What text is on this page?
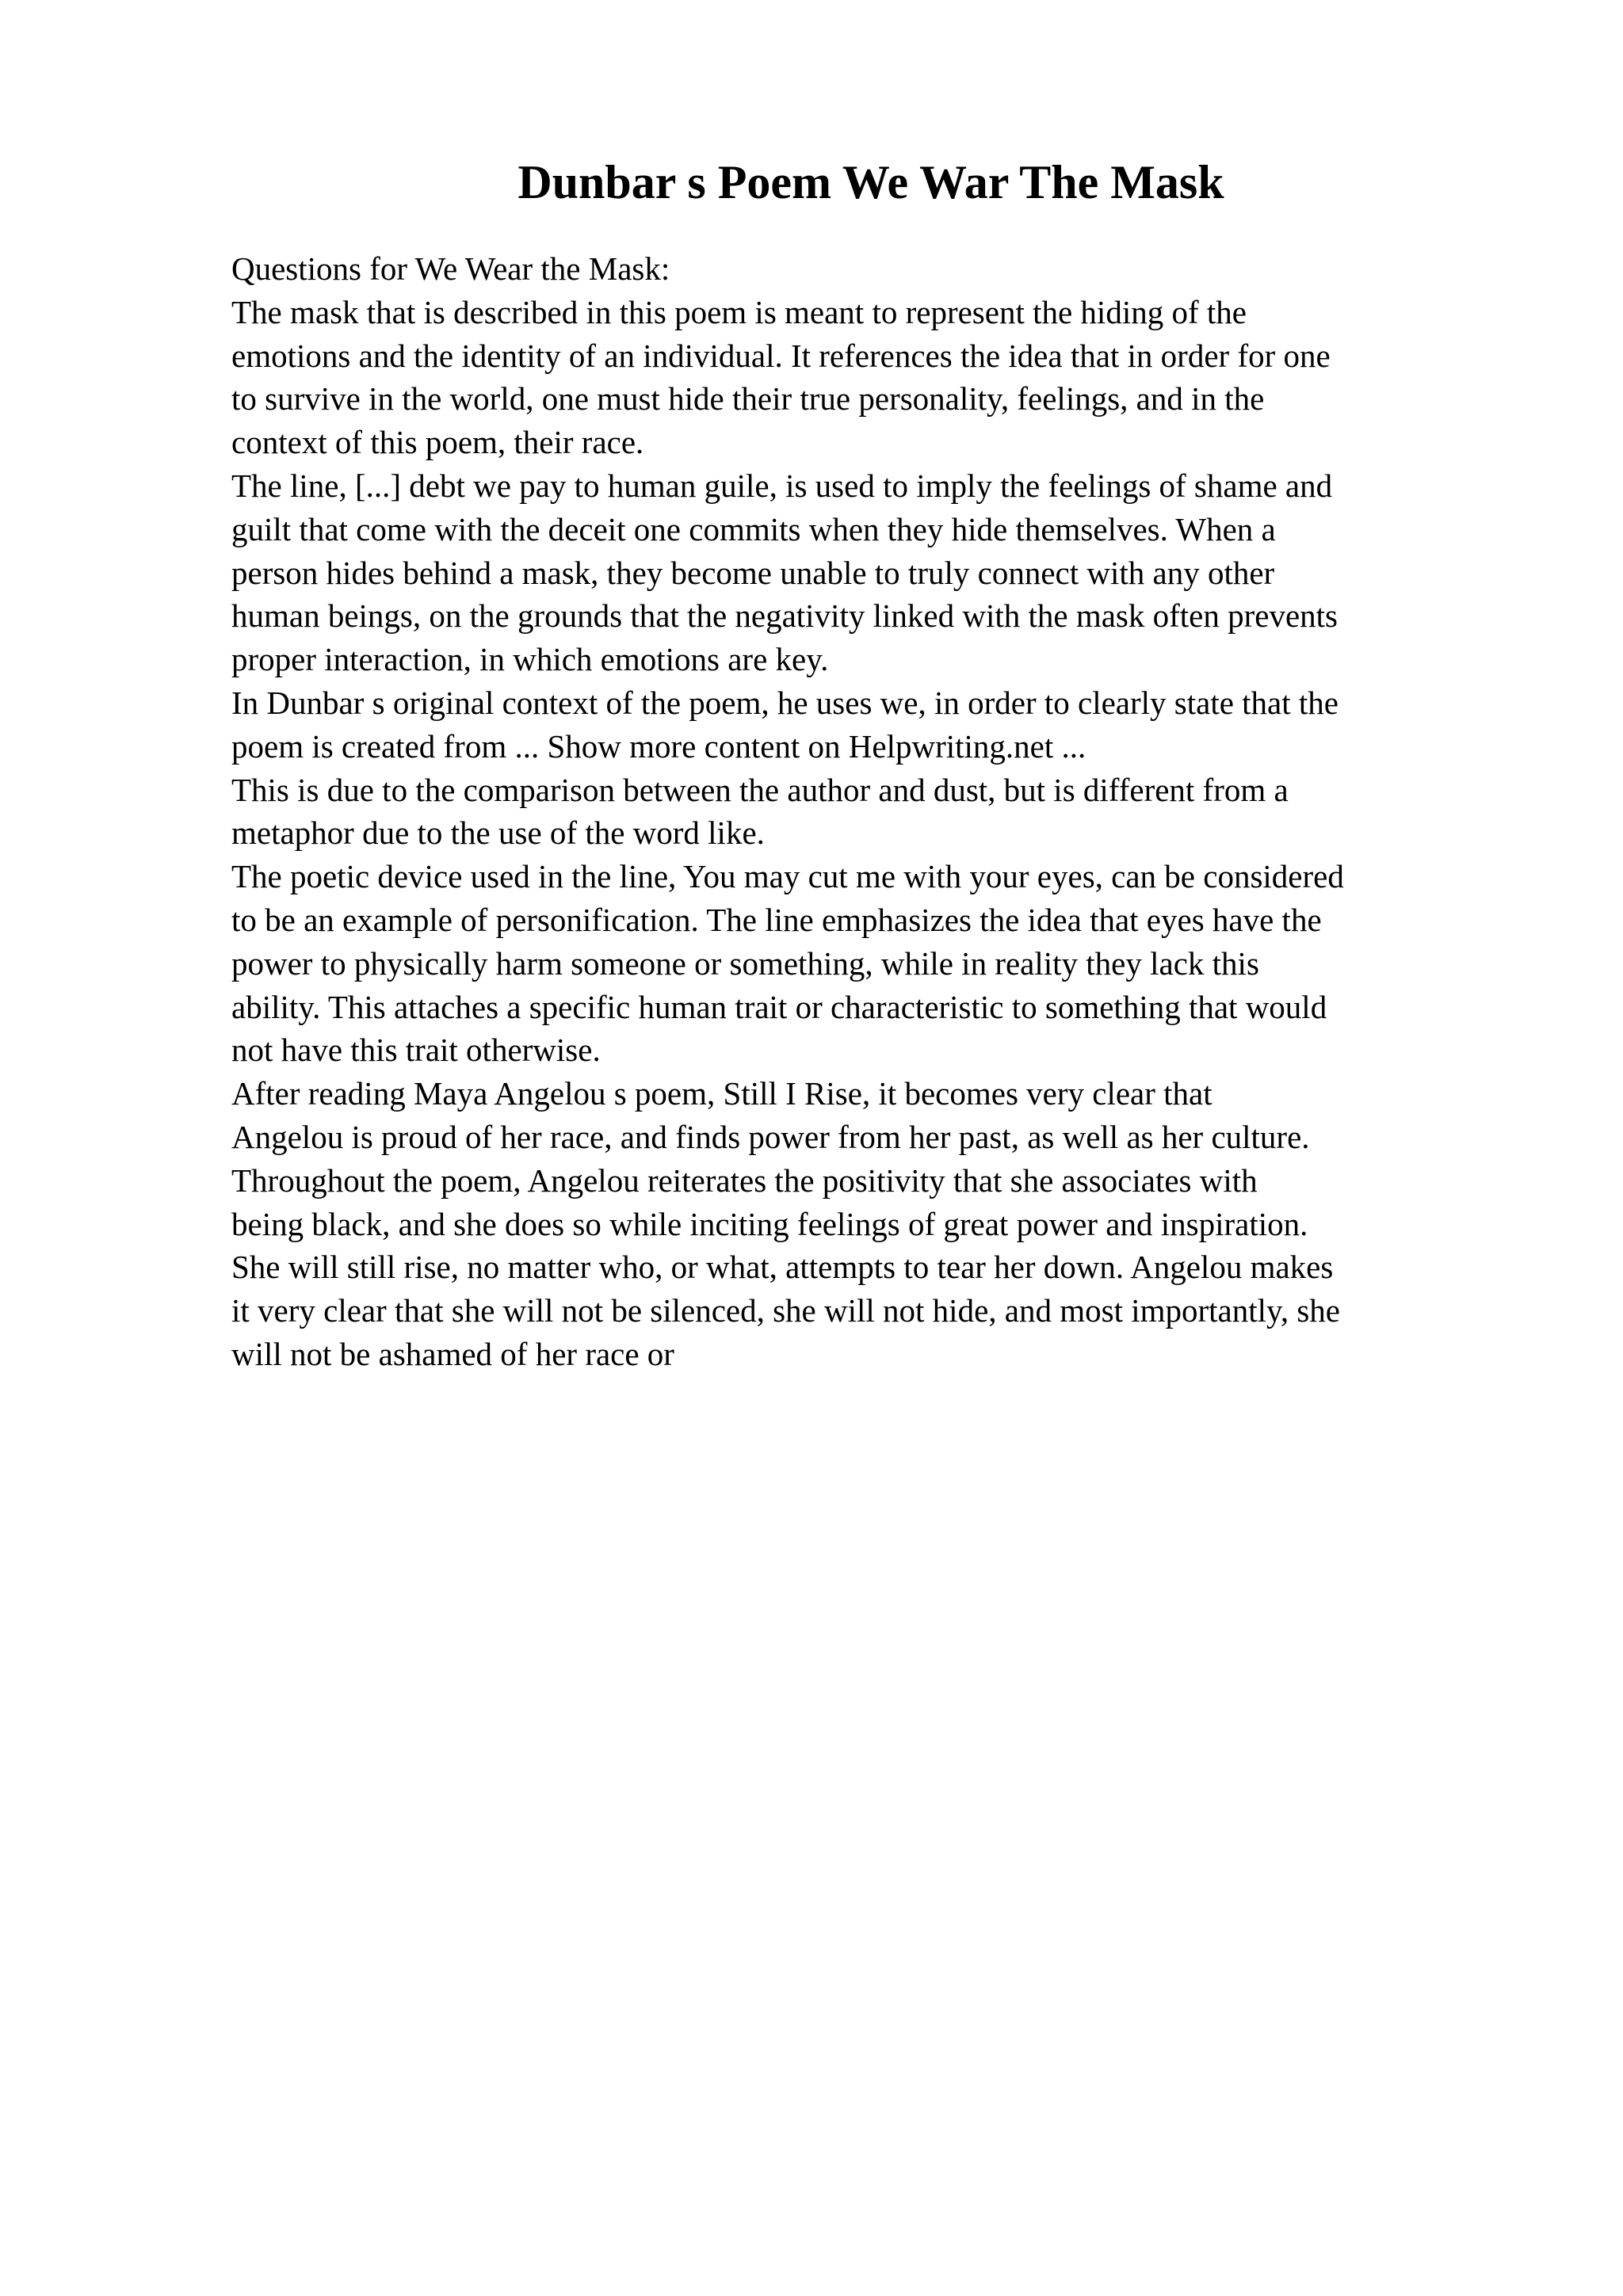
Dunbar s Poem We War The Mask
Questions for We Wear the Mask:
The mask that is described in this poem is meant to represent the hiding of the
emotions and the identity of an individual. It references the idea that in order for one
to survive in the world, one must hide their true personality, feelings, and in the
context of this poem, their race.
The line, [...] debt we pay to human guile, is used to imply the feelings of shame and
guilt that come with the deceit one commits when they hide themselves. When a
person hides behind a mask, they become unable to truly connect with any other
human beings, on the grounds that the negativity linked with the mask often prevents
proper interaction, in which emotions are key.
In Dunbar s original context of the poem, he uses we, in order to clearly state that the
poem is created from ... Show more content on Helpwriting.net ...
This is due to the comparison between the author and dust, but is different from a
metaphor due to the use of the word like.
The poetic device used in the line, You may cut me with your eyes, can be considered
to be an example of personification. The line emphasizes the idea that eyes have the
power to physically harm someone or something, while in reality they lack this
ability. This attaches a specific human trait or characteristic to something that would
not have this trait otherwise.
After reading Maya Angelou s poem, Still I Rise, it becomes very clear that
Angelou is proud of her race, and finds power from her past, as well as her culture.
Throughout the poem, Angelou reiterates the positivity that she associates with
being black, and she does so while inciting feelings of great power and inspiration.
She will still rise, no matter who, or what, attempts to tear her down. Angelou makes
it very clear that she will not be silenced, she will not hide, and most importantly, she
will not be ashamed of her race or
